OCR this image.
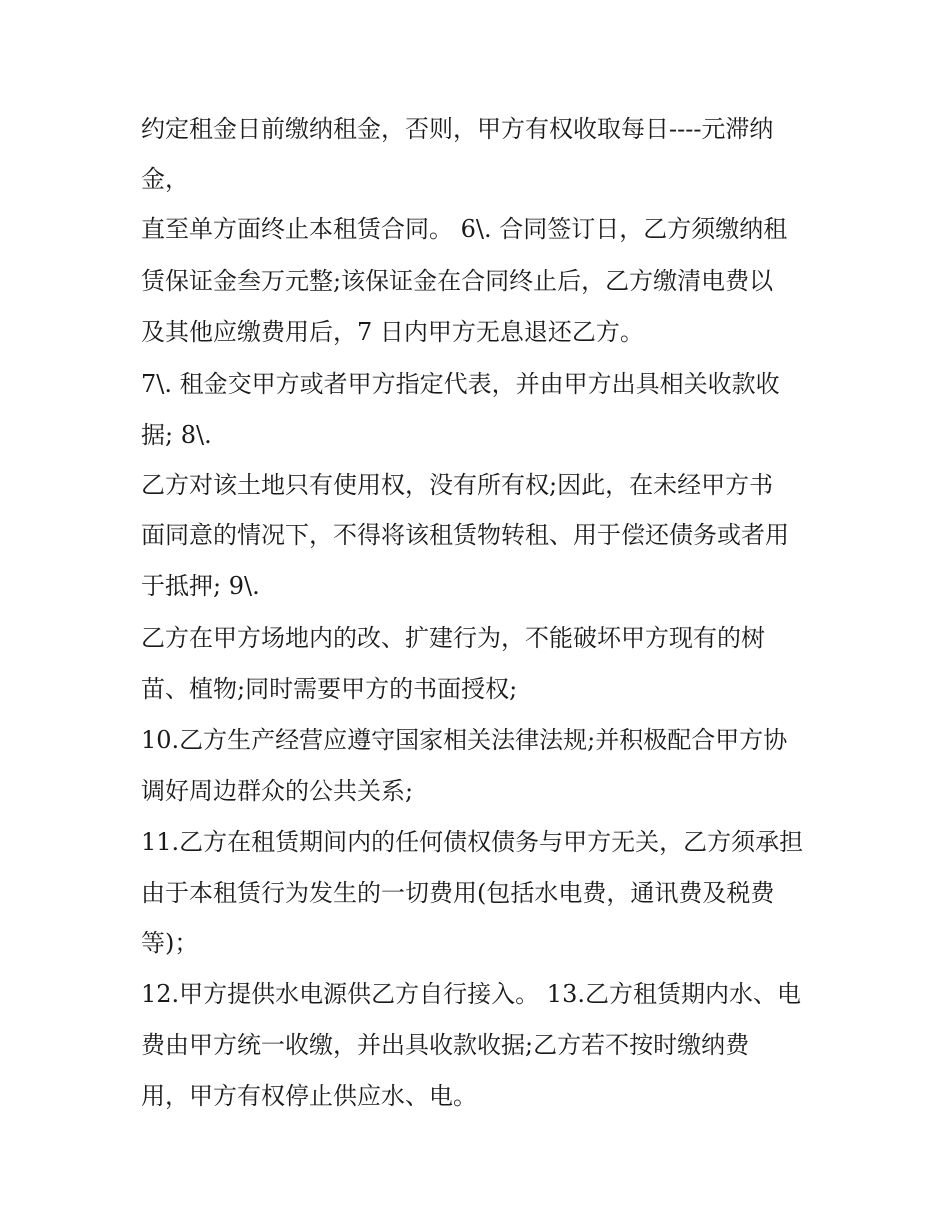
约定租金日前缴纳租金，否则，甲方有权收取每日----元滞纳

金，

直至单方面终止本租赁合同。 6\. 合同签订日，乙方须缴纳租

赁保证金叁万元整;该保证金在合同终止后，乙方缴清电费以

及其他应缴费用后，7 日内甲方无息退还乙方。

7\. 租金交甲方或者甲方指定代表，并由甲方出具相关收款收

据; 8\.

乙方对该土地只有使用权，没有所有权;因此，在未经甲方书

面同意的情况下，不得将该租赁物转租、用于偿还债务或者用

于抵押; 9\.

乙方在甲方场地内的改、扩建行为，不能破坏甲方现有的树

苗、植物;同时需要甲方的书面授权;

10.乙方生产经营应遵守国家相关法律法规;并积极配合甲方协

调好周边群众的公共关系;

11.乙方在租赁期间内的任何债权债务与甲方无关，乙方须承担

由于本租赁行为发生的一切费用(包括水电费，通讯费及税费

等)；

12.甲方提供水电源供乙方自行接入。 13.乙方租赁期内水、电

费由甲方统一收缴，并出具收款收据;乙方若不按时缴纳费

用，甲方有权停止供应水、电。
